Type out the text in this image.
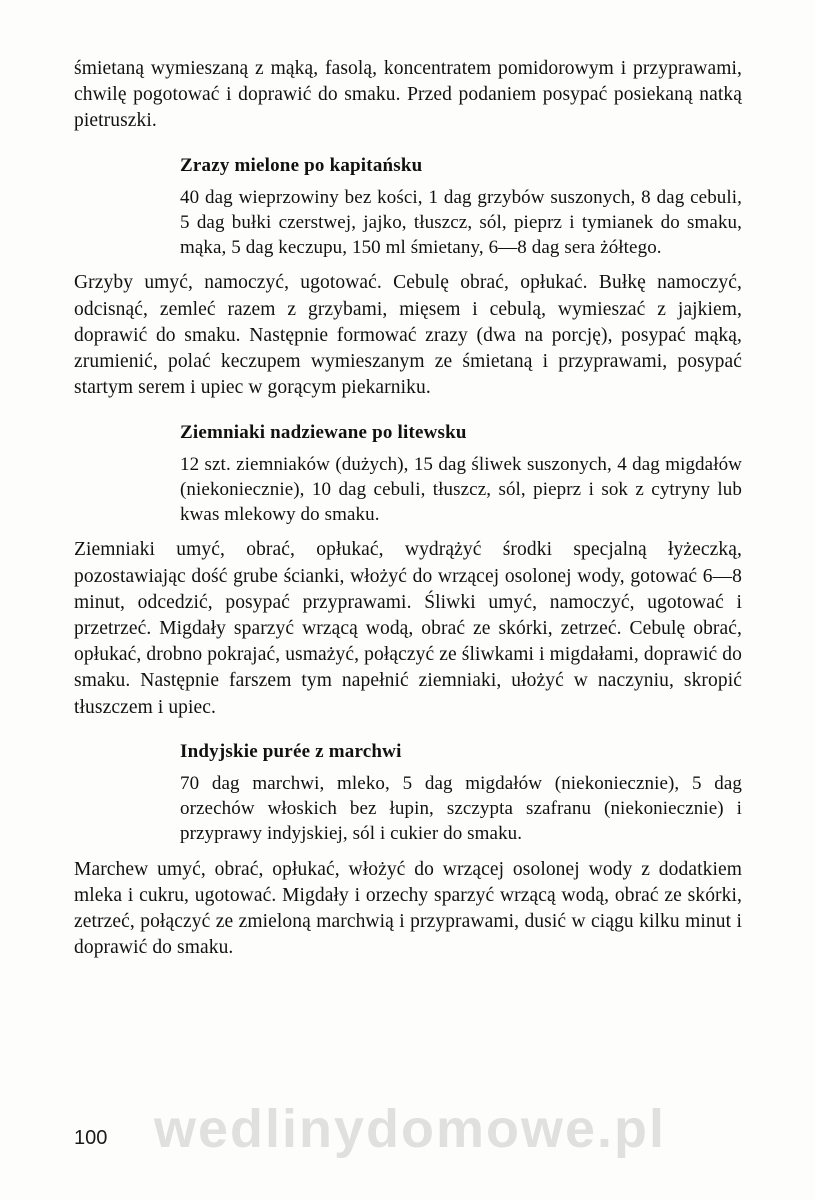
śmietaną wymieszaną z mąką, fasolą, koncentratem pomidorowym i przyprawami, chwilę pogotować i doprawić do smaku. Przed podaniem posypać posiekaną natką pietruszki.

Zrazy mielone po kapitańsku

40 dag wieprzowiny bez kości, 1 dag grzybów suszonych, 8 dag cebuli, 5 dag bułki czerstwej, jajko, tłuszcz, sól, pieprz i tymianek do smaku, mąka, 5 dag keczupu, 150 ml śmietany, 6—8 dag sera żółtego.

Grzyby umyć, namoczyć, ugotować. Cebulę obrać, opłukać. Bułkę namoczyć, odcisnąć, zemleć razem z grzybami, mięsem i cebulą, wymieszać z jajkiem, doprawić do smaku. Następnie formować zrazy (dwa na porcję), posypać mąką, zrumienić, polać keczupem wymieszanym ze śmietaną i przyprawami, posypać startym serem i upiec w gorącym piekarniku.

Ziemniaki nadziewane po litewsku

12 szt. ziemniaków (dużych), 15 dag śliwek suszonych, 4 dag migdałów (niekoniecznie), 10 dag cebuli, tłuszcz, sól, pieprz i sok z cytryny lub kwas mlekowy do smaku.

Ziemniaki umyć, obrać, opłukać, wydrążyć środki specjalną łyżeczką, pozostawiając dość grube ścianki, włożyć do wrzącej osolonej wody, gotować 6—8 minut, odcedzić, posypać przyprawami. Śliwki umyć, namoczyć, ugotować i przetrzeć. Migdały sparzyć wrzącą wodą, obrać ze skórki, zetrzeć. Cebulę obrać, opłukać, drobno pokrajać, usmażyć, połączyć ze śliwkami i migdałami, doprawić do smaku. Następnie farszem tym napełnić ziemniaki, ułożyć w naczyniu, skropić tłuszczem i upiec.

Indyjskie purée z marchwi

70 dag marchwi, mleko, 5 dag migdałów (niekoniecznie), 5 dag orzechów włoskich bez łupin, szczypta szafranu (niekoniecznie) i przyprawy indyjskiej, sól i cukier do smaku.

Marchew umyć, obrać, opłukać, włożyć do wrzącej osolonej wody z dodatkiem mleka i cukru, ugotować. Migdały i orzechy sparzyć wrzącą wodą, obrać ze skórki, zetrzeć, połączyć ze zmieloną marchwią i przyprawami, dusić w ciągu kilku minut i doprawić do smaku.

wedlinydomowe.pl
100
